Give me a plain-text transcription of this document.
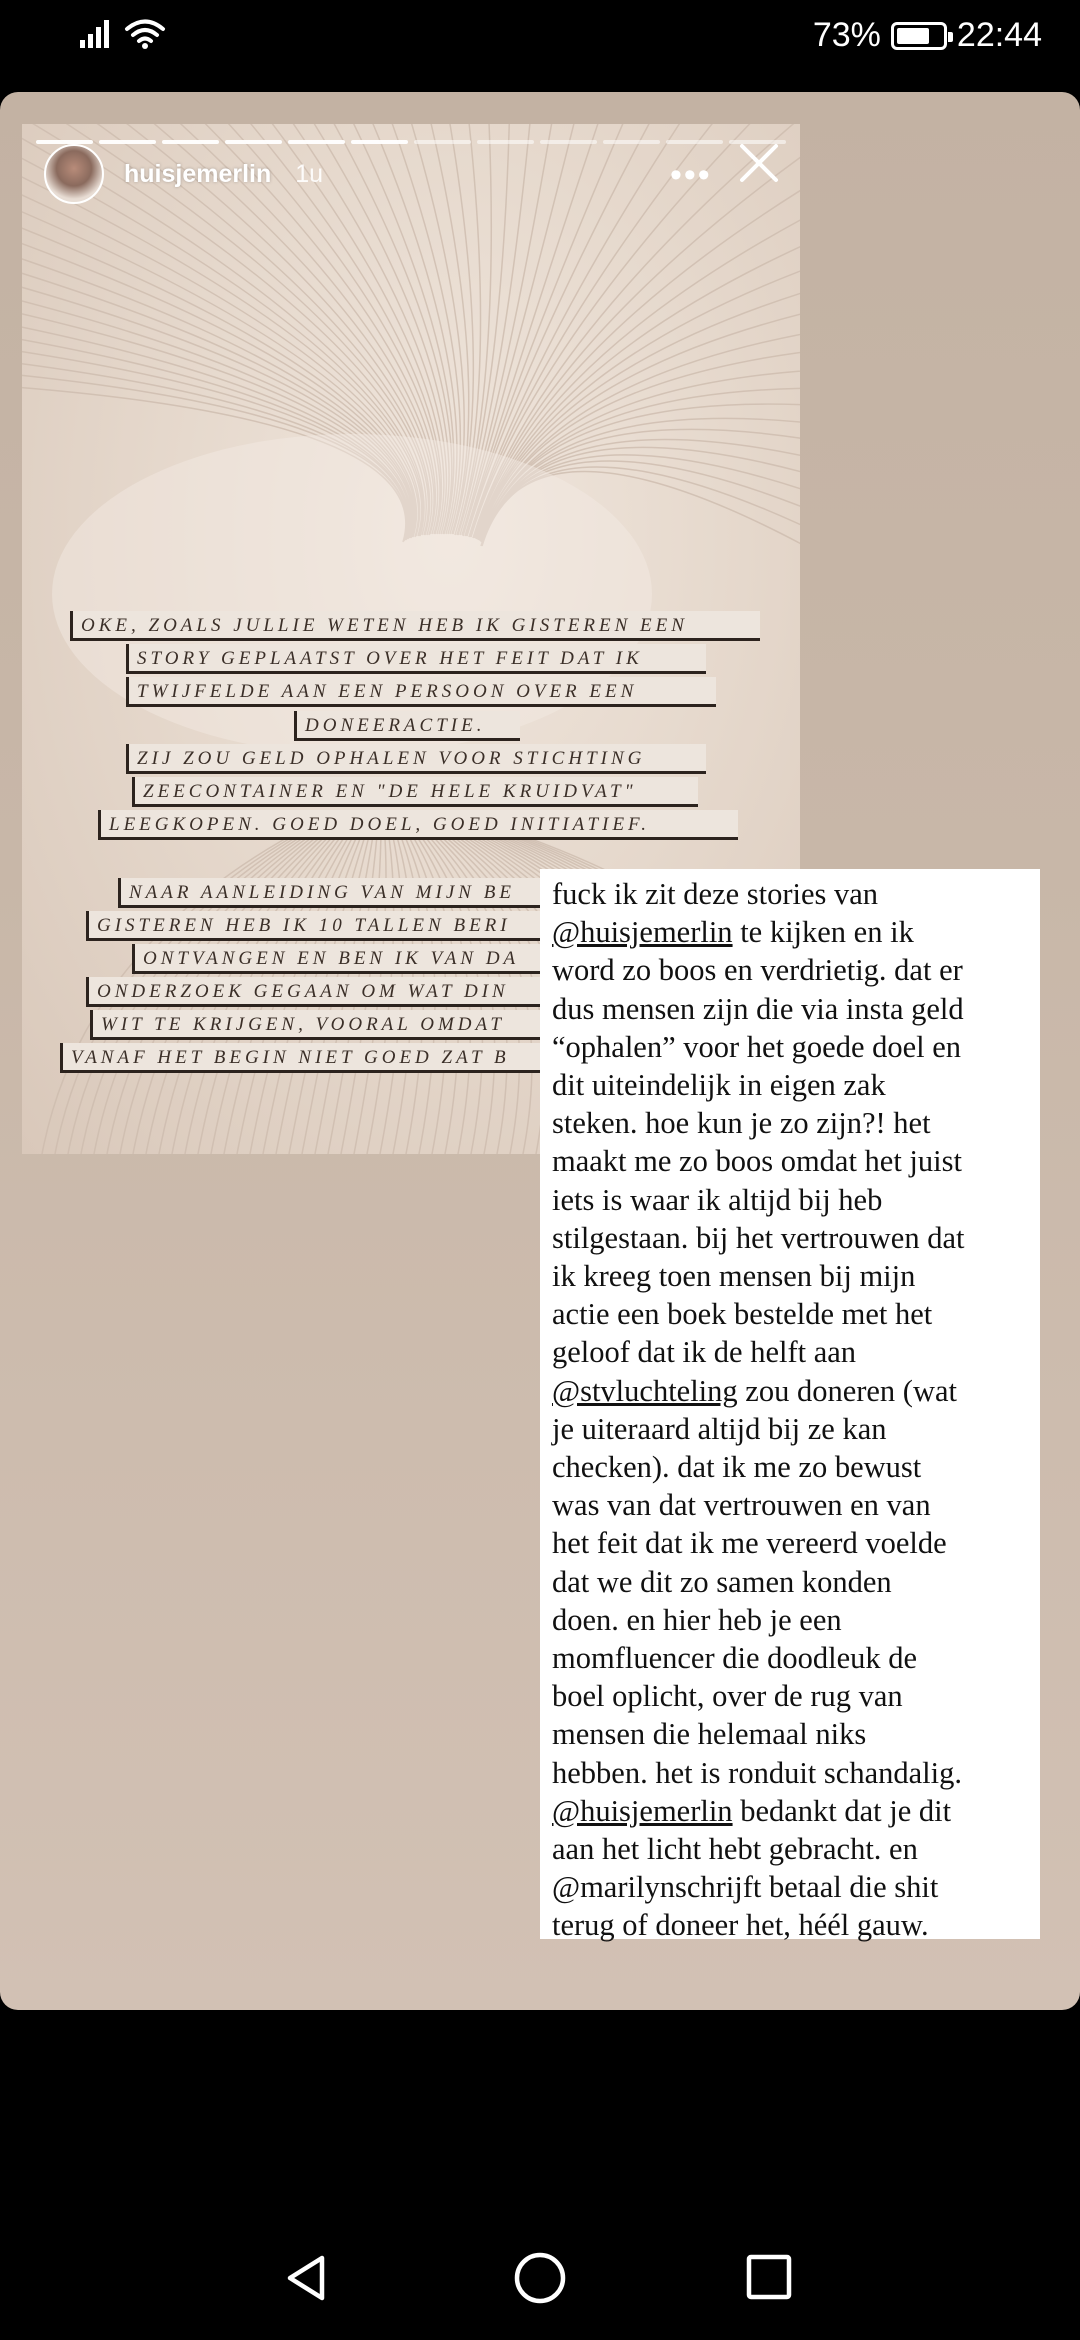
73% 22:44
huisjemerlin 1u	•••
OKE, ZOALS JULLIE WETEN HEB IK GISTEREN EEN
STORY GEPLAATST OVER HET FEIT DAT IK
TWIJFELDE AAN EEN PERSOON OVER EEN
DONEERACTIE.
ZIJ ZOU GELD OPHALEN VOOR STICHTING
ZEECONTAINER EN "DE HELE KRUIDVAT"
LEEGKOPEN. GOED DOEL, GOED INITIATIEF.
NAAR AANLEIDING VAN MIJN BE
GISTEREN HEB IK 10 TALLEN BERI
ONTVANGEN EN BEN IK VAN DA
ONDERZOEK GEGAAN OM WAT DIN
WIT TE KRIJGEN, VOORAL OMDAT
VANAF HET BEGIN NIET GOED ZAT B

fuck ik zit deze stories van

@huisjemerlin te kijken en ik

word zo boos en verdrietig. dat er

dus mensen zijn die via insta geld

“ophalen” voor het goede doel en

dit uiteindelijk in eigen zak

steken. hoe kun je zo zijn?! het

maakt me zo boos omdat het juist

iets is waar ik altijd bij heb

stilgestaan. bij het vertrouwen dat

ik kreeg toen mensen bij mijn

actie een boek bestelde met het

geloof dat ik de helft aan

@stvluchteling zou doneren (wat

je uiteraard altijd bij ze kan

checken). dat ik me zo bewust

was van dat vertrouwen en van

het feit dat ik me vereerd voelde

dat we dit zo samen konden

doen. en hier heb je een

momfluencer die doodleuk de

boel oplicht, over de rug van

mensen die helemaal niks

hebben. het is ronduit schandalig.

@huisjemerlin bedankt dat je dit

aan het licht hebt gebracht. en

@marilynschrijft betaal die shit

terug of doneer het, héél gauw.
